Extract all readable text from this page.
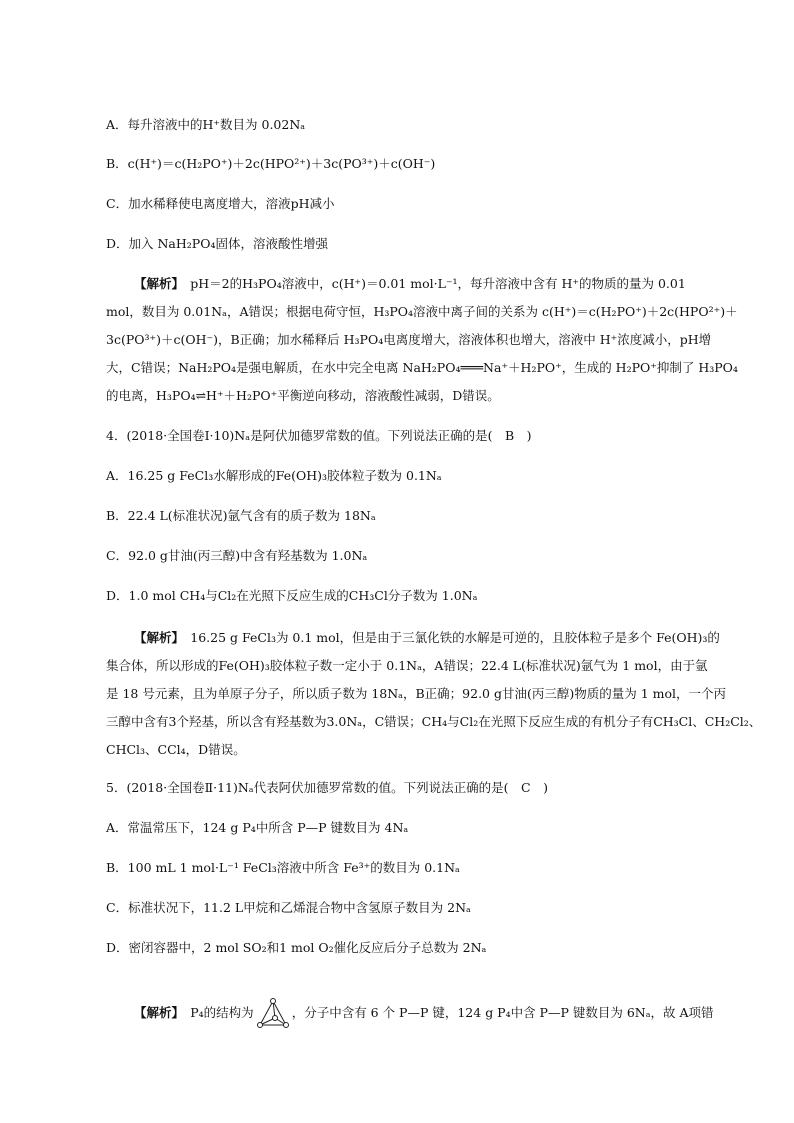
A．每升溶液中的H⁺数目为 0.02Nₐ
B．c(H⁺)＝c(H₂PO⁺)＋2c(HPO²⁺)＋3c(PO³⁺)＋c(OH⁻)
C．加水稀释使电离度增大，溶液pH减小
D．加入 NaH₂PO₄固体，溶液酸性增强
【解析】　pH＝2的H₃PO₄溶液中，c(H⁺)＝0.01 mol·L⁻¹，每升溶液中含有 H⁺的物质的量为 0.01
mol，数目为 0.01Nₐ，A错误；根据电荷守恒，H₃PO₄溶液中离子间的关系为 c(H⁺)＝c(H₂PO⁺)＋2c(HPO²⁺)＋
3c(PO³⁺)＋c(OH⁻)，B正确；加水稀释后 H₃PO₄电离度增大，溶液体积也增大，溶液中 H⁺浓度减小，pH增
大，C错误；NaH₂PO₄是强电解质，在水中完全电离 NaH₂PO₄═══Na⁺＋H₂PO⁺，生成的 H₂PO⁺抑制了 H₃PO₄
的电离，H₃PO₄⇌H⁺＋H₂PO⁺平衡逆向移动，溶液酸性减弱，D错误。
4．(2018·全国卷Ⅰ·10)Nₐ是阿伏加德罗常数的值。下列说法正确的是(　B　)
A．16.25 g FeCl₃水解形成的Fe(OH)₃胶体粒子数为 0.1Nₐ
B．22.4 L(标准状况)氩气含有的质子数为 18Nₐ
C．92.0 g甘油(丙三醇)中含有羟基数为 1.0Nₐ
D．1.0 mol CH₄与Cl₂在光照下反应生成的CH₃Cl分子数为 1.0Nₐ
【解析】　16.25 g FeCl₃为 0.1 mol，但是由于三氯化铁的水解是可逆的，且胶体粒子是多个 Fe(OH)₃的
集合体，所以形成的Fe(OH)₃胶体粒子数一定小于 0.1Nₐ，A错误；22.4 L(标准状况)氩气为 1 mol，由于氩
是 18 号元素，且为单原子分子，所以质子数为 18Nₐ，B正确；92.0 g甘油(丙三醇)物质的量为 1 mol，一个丙
三醇中含有3个羟基，所以含有羟基数为3.0Nₐ，C错误；CH₄与Cl₂在光照下反应生成的有机分子有CH₃Cl、CH₂Cl₂、
CHCl₃、CCl₄，D错误。
5．(2018·全国卷Ⅱ·11)Nₐ代表阿伏加德罗常数的值。下列说法正确的是(　C　)
A．常温常压下，124 g P₄中所含 P—P 键数目为 4Nₐ
B．100 mL 1 mol·L⁻¹ FeCl₃溶液中所含 Fe³⁺的数目为 0.1Nₐ
C．标准状况下，11.2 L甲烷和乙烯混合物中含氢原子数目为 2Nₐ
D．密闭容器中，2 mol SO₂和1 mol O₂催化反应后分子总数为 2Nₐ
【解析】　P₄的结构为	，分子中含有 6 个 P—P 键，124 g P₄中含 P—P 键数目为 6Nₐ，故 A项错
